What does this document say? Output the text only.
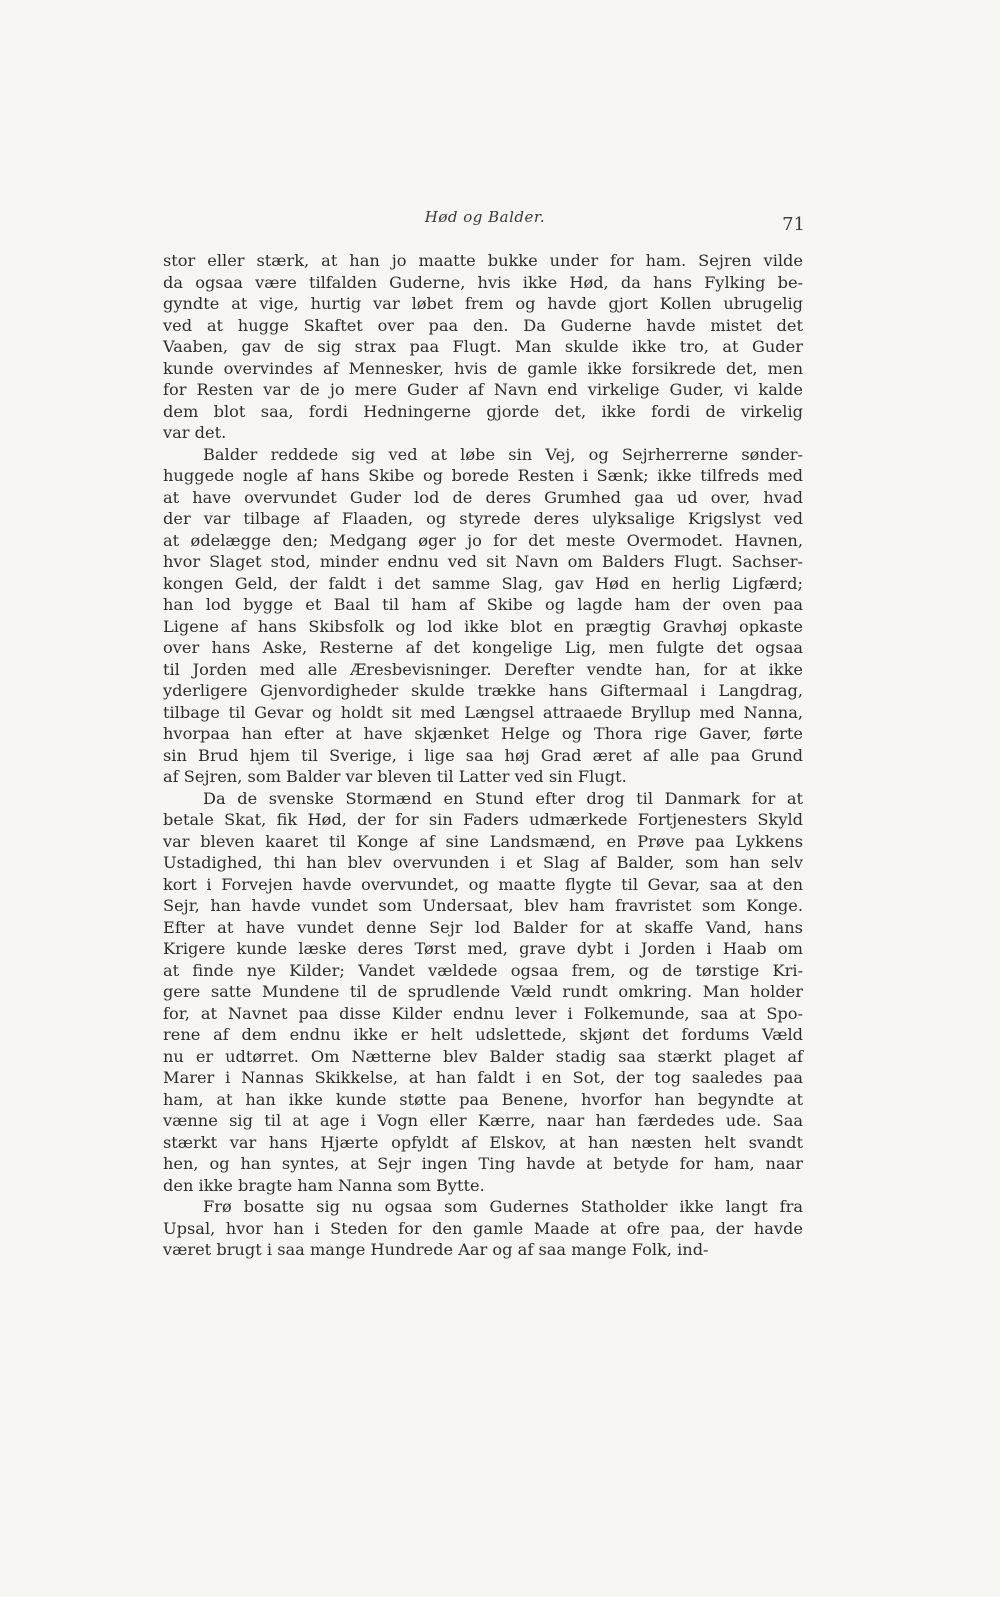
Hød og Balder.	71
stor eller stærk, at han jo maatte bukke under for ham. Sejren vilde
da ogsaa være tilfalden Guderne, hvis ikke Hød, da hans Fylking be-
gyndte at vige, hurtig var løbet frem og havde gjort Kollen ubrugelig
ved at hugge Skaftet over paa den. Da Guderne havde mistet det
Vaaben, gav de sig strax paa Flugt. Man skulde ikke tro, at Guder
kunde overvindes af Mennesker, hvis de gamle ikke forsikrede det, men
for Resten var de jo mere Guder af Navn end virkelige Guder, vi kalde
dem blot saa, fordi Hedningerne gjorde det, ikke fordi de virkelig
var det.
Balder reddede sig ved at løbe sin Vej, og Sejrherrerne sønder-
huggede nogle af hans Skibe og borede Resten i Sænk; ikke tilfreds med
at have overvundet Guder lod de deres Grumhed gaa ud over, hvad
der var tilbage af Flaaden, og styrede deres ulyksalige Krigslyst ved
at ødelægge den; Medgang øger jo for det meste Overmodet. Havnen,
hvor Slaget stod, minder endnu ved sit Navn om Balders Flugt. Sachser-
kongen Geld, der faldt i det samme Slag, gav Hød en herlig Ligfærd;
han lod bygge et Baal til ham af Skibe og lagde ham der oven paa
Ligene af hans Skibsfolk og lod ikke blot en prægtig Gravhøj opkaste
over hans Aske, Resterne af det kongelige Lig, men fulgte det ogsaa
til Jorden med alle Æresbevisninger. Derefter vendte han, for at ikke
yderligere Gjenvordigheder skulde trække hans Giftermaal i Langdrag,
tilbage til Gevar og holdt sit med Længsel attraaede Bryllup med Nanna,
hvorpaa han efter at have skjænket Helge og Thora rige Gaver, førte
sin Brud hjem til Sverige, i lige saa høj Grad æret af alle paa Grund
af Sejren, som Balder var bleven til Latter ved sin Flugt.
Da de svenske Stormænd en Stund efter drog til Danmark for at
betale Skat, fik Hød, der for sin Faders udmærkede Fortjenesters Skyld
var bleven kaaret til Konge af sine Landsmænd, en Prøve paa Lykkens
Ustadighed, thi han blev overvunden i et Slag af Balder, som han selv
kort i Forvejen havde overvundet, og maatte flygte til Gevar, saa at den
Sejr, han havde vundet som Undersaat, blev ham fravristet som Konge.
Efter at have vundet denne Sejr lod Balder for at skaffe Vand, hans
Krigere kunde læske deres Tørst med, grave dybt i Jorden i Haab om
at finde nye Kilder; Vandet vældede ogsaa frem, og de tørstige Kri-
gere satte Mundene til de sprudlende Væld rundt omkring. Man holder
for, at Navnet paa disse Kilder endnu lever i Folkemunde, saa at Spo-
rene af dem endnu ikke er helt udslettede, skjønt det fordums Væld
nu er udtørret. Om Nætterne blev Balder stadig saa stærkt plaget af
Marer i Nannas Skikkelse, at han faldt i en Sot, der tog saaledes paa
ham, at han ikke kunde støtte paa Benene, hvorfor han begyndte at
vænne sig til at age i Vogn eller Kærre, naar han færdedes ude. Saa
stærkt var hans Hjærte opfyldt af Elskov, at han næsten helt svandt
hen, og han syntes, at Sejr ingen Ting havde at betyde for ham, naar
den ikke bragte ham Nanna som Bytte.
Frø bosatte sig nu ogsaa som Gudernes Statholder ikke langt fra
Upsal, hvor han i Steden for den gamle Maade at ofre paa, der havde
været brugt i saa mange Hundrede Aar og af saa mange Folk, ind-
